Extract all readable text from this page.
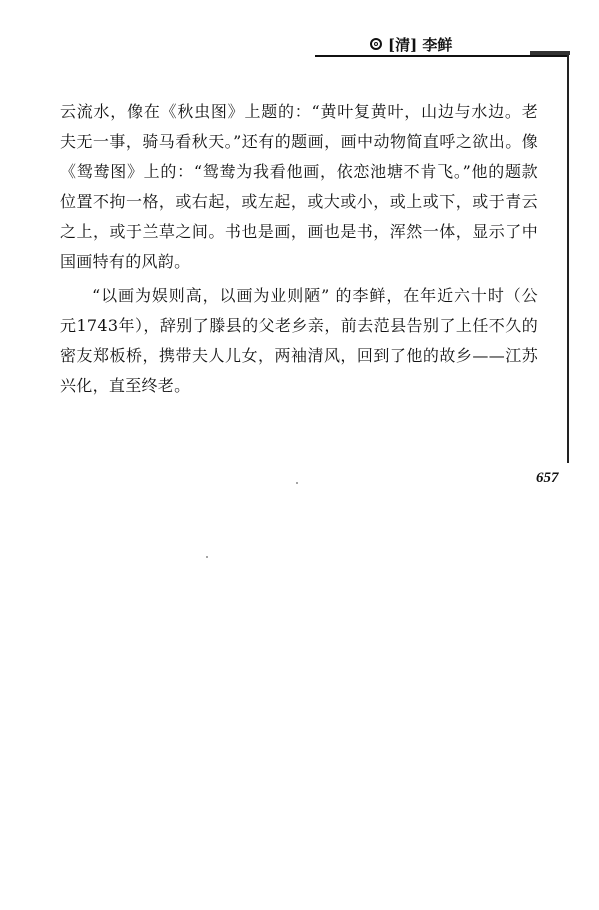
[清] 李鲜

云流水，像在《秋虫图》上题的：“黄叶复黄叶，山边与水边。老夫无一事，骑马看秋天。”还有的题画，画中动物简直呼之欲出。像《鸳鸯图》上的：“鸳鸯为我看他画，依恋池塘不肯飞。”他的题款位置不拘一格，或右起，或左起，或大或小，或上或下，或于青云之上，或于兰草之间。书也是画，画也是书，浑然一体，显示了中国画特有的风韵。

“以画为娱则高，以画为业则陋” 的李鲜，在年近六十时（公元1743年），辞别了滕县的父老乡亲，前去范县告别了上任不久的密友郑板桥，携带夫人儿女，两袖清风，回到了他的故乡——江苏兴化，直至终老。

657
